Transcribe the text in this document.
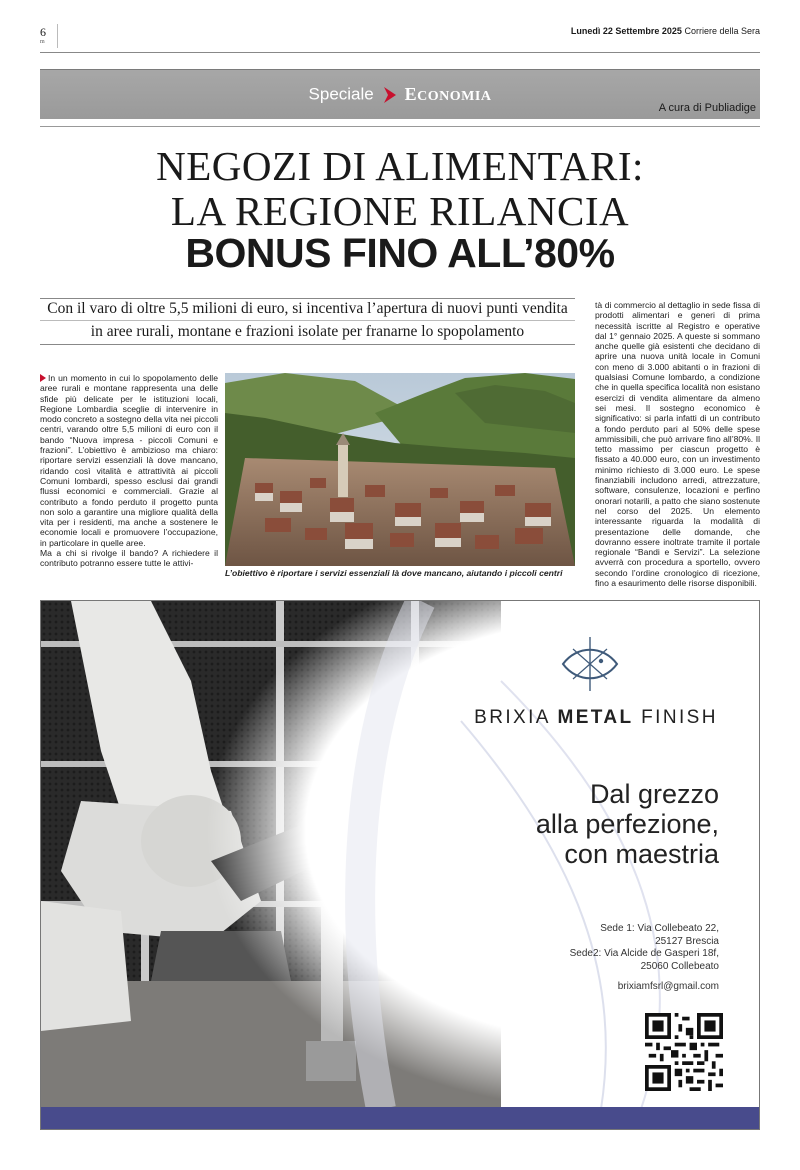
6
m
Lunedì 22 Settembre 2025 Corriere della Sera
Speciale ECONOMIA
A cura di Publiadige
NEGOZI DI ALIMENTARI:
LA REGIONE RILANCIA
BONUS FINO ALL’80%
Con il varo di oltre 5,5 milioni di euro, si incentiva l’apertura di nuovi punti vendita
in aree rurali, montane e frazioni isolate per franarne lo spopolamento

In un momento in cui lo spopolamento delle aree rurali e montane rappresenta una delle sfide più delicate per le istituzioni locali, Regione Lombardia sceglie di intervenire in modo concreto a sostegno della vita nei piccoli centri, varando oltre 5,5 milioni di euro con il bando “Nuova impresa - piccoli Comuni e frazioni”. L’obiettivo è ambizioso ma chiaro: riportare servizi essenziali là dove mancano, ridando così vitalità e attrattività ai piccoli Comuni lombardi, spesso esclusi dai grandi flussi economici e commerciali. Grazie al contributo a fondo perduto il progetto punta non solo a garantire una migliore qualità della vita per i residenti, ma anche a sostenere le economie locali e promuovere l’occupazione, in particolare in quelle aree.

Ma a chi si rivolge il bando? A richiedere il contributo potranno essere tutte le attivi-

tà di commercio al dettaglio in sede fissa di prodotti alimentari e generi di prima necessità iscritte al Registro e operative dal 1° gennaio 2025. A queste si sommano anche quelle già esistenti che decidano di aprire una nuova unità locale in Comuni con meno di 3.000 abitanti o in frazioni di qualsiasi Comune lombardo, a condizione che in quella specifica località non esistano esercizi di vendita alimentare da almeno sei mesi. Il sostegno economico è significativo: si parla infatti di un contributo a fondo perduto pari al 50% delle spese ammissibili, che può arrivare fino all’80%. Il tetto massimo per ciascun progetto è fissato a 40.000 euro, con un investimento minimo richiesto di 3.000 euro. Le spese finanziabili includono arredi, attrezzature, software, consulenze, locazioni e perfino onorari notarili, a patto che siano sostenute nel corso del 2025. Un elemento interessante riguarda la modalità di presentazione delle domande, che dovranno essere inoltrate tramite il portale regionale “Bandi e Servizi”. La selezione avverrà con procedura a sportello, ovvero secondo l’ordine cronologico di ricezione, fino a esaurimento delle risorse disponibili.

L’obiettivo è riportare i servizi essenziali là dove mancano, aiutando i piccoli centri
BRIXIA METAL FINISH
Dal grezzo
alla perfezione,
con maestria
Sede 1: Via Collebeato 22,
25127 Brescia
Sede2: Via Alcide de Gasperi 18f,
25060 Collebeato
brixiamfsrl@gmail.com
